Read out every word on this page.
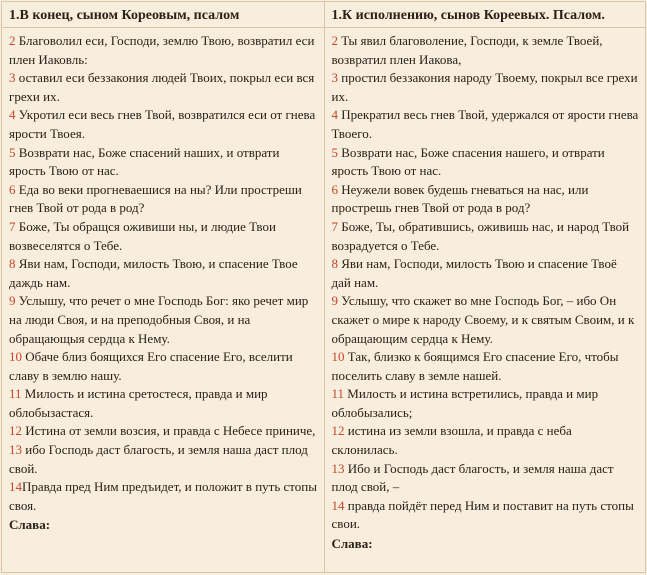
1.В конец, сыном Кореовым, псалом

2 Благоволил еси, Господи, землю Твою, возвратил еси плен Иаковль:

3 оставил еси беззакония людей Твоих, покрыл еси вся грехи их.

4 Укротил еси весь гнев Твой, возвратился еси от гнева ярости Твоея.

5 Возврати нас, Боже спасений наших, и отврати ярость Твою от нас.

6 Еда во веки прогневаешися на ны? Или простреши гнев Твой от рода в род?

7 Боже, Ты обращся оживиши ны, и людие Твои возвеселятся о Тебе.

8 Яви нам, Господи, милость Твою, и спасение Твое даждь нам.

9 Услышу, что речет о мне Господь Бог: яко речет мир на люди Своя, и на преподобныя Своя, и на обращающыя сердца к Нему.

10 Обаче близ боящихся Его спасение Его, вселити славу в землю нашу.

11 Милость и истина сретостеся, правда и мир облобызастася.

12 Истина от земли возсия, и правда с Небесе приниче,

13 ибо Господь даст благость, и земля наша даст плод свой.

14Правда пред Ним предъидет, и положит в путь стопы своя.

Слава:
1.К исполнению, сынов Кореевых. Псалом.

2 Ты явил благоволение, Господи, к земле Твоей, возвратил плен Иакова,

3 простил беззакония народу Твоему, покрыл все грехи их.

4 Прекратил весь гнев Твой, удержался от ярости гнева Твоего.

5 Возврати нас, Боже спасения нашего, и отврати ярость Твою от нас.

6 Неужели вовек будешь гневаться на нас, или прострешь гнев Твой от рода в род?

7 Боже, Ты, обратившись, оживишь нас, и народ Твой возрадуется о Тебе.

8 Яви нам, Господи, милость Твою и спасение Твоё дай нам.

9 Услышу, что скажет во мне Господь Бог, – ибо Он скажет о мире к народу Своему, и к святым Своим, и к обращающим сердца к Нему.

10 Так, близко к боящимся Его спасение Его, чтобы поселить славу в земле нашей.

11 Милость и истина встретились, правда и мир облобызались;

12 истина из земли взошла, и правда с неба склонилась.

13 Ибо и Господь даст благость, и земля наша даст плод свой, –

14 правда пойдёт перед Ним и поставит на путь стопы свои.

Слава:
